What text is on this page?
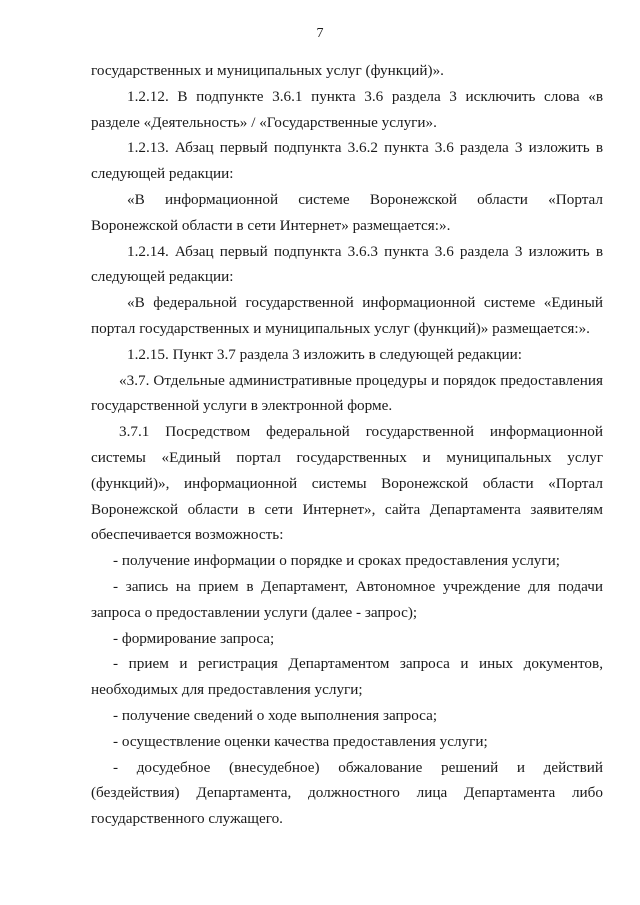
7

государственных и муниципальных услуг (функций)».

1.2.12. В подпункте 3.6.1 пункта 3.6 раздела 3 исключить слова «в разделе «Деятельность» / «Государственные услуги».

1.2.13. Абзац первый подпункта 3.6.2 пункта 3.6 раздела 3 изложить в следующей редакции:

«В информационной системе Воронежской области «Портал Воронежской области в сети Интернет» размещается:».

1.2.14. Абзац первый подпункта 3.6.3 пункта 3.6 раздела 3 изложить в следующей редакции:

«В федеральной государственной информационной системе «Единый портал государственных и муниципальных услуг (функций)» размещается:».

1.2.15. Пункт 3.7 раздела 3 изложить в следующей редакции:

«3.7. Отдельные административные процедуры и порядок предоставления государственной услуги в электронной форме.

3.7.1 Посредством федеральной государственной информационной системы «Единый портал государственных и муниципальных услуг (функций)», информационной системы Воронежской области «Портал Воронежской области в сети Интернет», сайта Департамента заявителям обеспечивается возможность:

- получение информации о порядке и сроках предоставления услуги;

- запись на прием в Департамент, Автономное учреждение для подачи запроса о предоставлении услуги (далее - запрос);

- формирование запроса;

- прием и регистрация Департаментом запроса и иных документов, необходимых для предоставления услуги;

- получение сведений о ходе выполнения запроса;

- осуществление оценки качества предоставления услуги;

- досудебное (внесудебное) обжалование решений и действий (бездействия) Департамента, должностного лица Департамента либо государственного служащего.
